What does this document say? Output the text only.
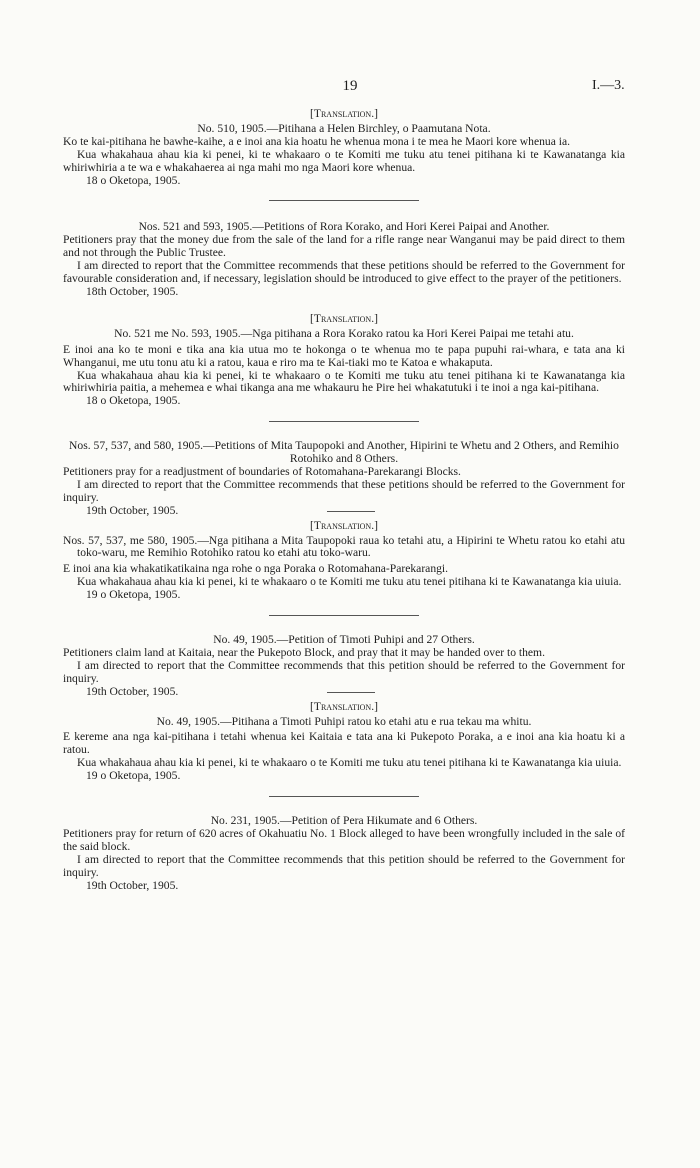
19	I.—3.

[Translation.]

No. 510, 1905.—Pitihana a Helen Birchley, o Paamutana Nota.

Ko te kai-pitihana he bawhe-kaihe, a e inoi ana kia hoatu he whenua mona i te mea he Maori kore whenua ia.

Kua whakahaua ahau kia ki penei, ki te whakaaro o te Komiti me tuku atu tenei pitihana ki te Kawanatanga kia whiriwhiria a te wa e whakahaerea ai nga mahi mo nga Maori kore whenua.

18 o Oketopa, 1905.

Nos. 521 and 593, 1905.—Petitions of Rora Korako, and Hori Kerei Paipai and Another.

Petitioners pray that the money due from the sale of the land for a rifle range near Wanganui may be paid direct to them and not through the Public Trustee.

I am directed to report that the Committee recommends that these petitions should be referred to the Government for favourable consideration and, if necessary, legislation should be introduced to give effect to the prayer of the petitioners.

18th October, 1905.

[Translation.]

No. 521 me No. 593, 1905.—Nga pitihana a Rora Korako ratou ka Hori Kerei Paipai me tetahi atu.

E inoi ana ko te moni e tika ana kia utua mo te hokonga o te whenua mo te papa pupuhi rai-whara, e tata ana ki Whanganui, me utu tonu atu ki a ratou, kaua e riro ma te Kai-tiaki mo te Katoa e whakaputa.

Kua whakahaua ahau kia ki penei, ki te whakaaro o te Komiti me tuku atu tenei pitihana ki te Kawanatanga kia whiriwhiria paitia, a mehemea e whai tikanga ana me whakauru he Pire hei whakatutuki i te inoi a nga kai-pitihana.

18 o Oketopa, 1905.

Nos. 57, 537, and 580, 1905.—Petitions of Mita Taupopoki and Another, Hipirini te Whetu and 2 Others, and Remihio Rotohiko and 8 Others.

Petitioners pray for a readjustment of boundaries of Rotomahana-Parekarangi Blocks.

I am directed to report that the Committee recommends that these petitions should be referred to the Government for inquiry.

19th October, 1905.

[Translation.]

Nos. 57, 537, me 580, 1905.—Nga pitihana a Mita Taupopoki raua ko tetahi atu, a Hipirini te Whetu ratou ko etahi atu toko-waru, me Remihio Rotohiko ratou ko etahi atu toko-waru.

E inoi ana kia whakatikatikaina nga rohe o nga Poraka o Rotomahana-Parekarangi.

Kua whakahaua ahau kia ki penei, ki te whakaaro o te Komiti me tuku atu tenei pitihana ki te Kawanatanga kia uiuia.

19 o Oketopa, 1905.

No. 49, 1905.—Petition of Timoti Puhipi and 27 Others.

Petitioners claim land at Kaitaia, near the Pukepoto Block, and pray that it may be handed over to them.

I am directed to report that the Committee recommends that this petition should be referred to the Government for inquiry.

19th October, 1905.

[Translation.]

No. 49, 1905.—Pitihana a Timoti Puhipi ratou ko etahi atu e rua tekau ma whitu.

E kereme ana nga kai-pitihana i tetahi whenua kei Kaitaia e tata ana ki Pukepoto Poraka, a e inoi ana kia hoatu ki a ratou.

Kua whakahaua ahau kia ki penei, ki te whakaaro o te Komiti me tuku atu tenei pitihana ki te Kawanatanga kia uiuia.

19 o Oketopa, 1905.

No. 231, 1905.—Petition of Pera Hikumate and 6 Others.

Petitioners pray for return of 620 acres of Okahuatiu No. 1 Block alleged to have been wrongfully included in the sale of the said block.

I am directed to report that the Committee recommends that this petition should be referred to the Government for inquiry.

19th October, 1905.
